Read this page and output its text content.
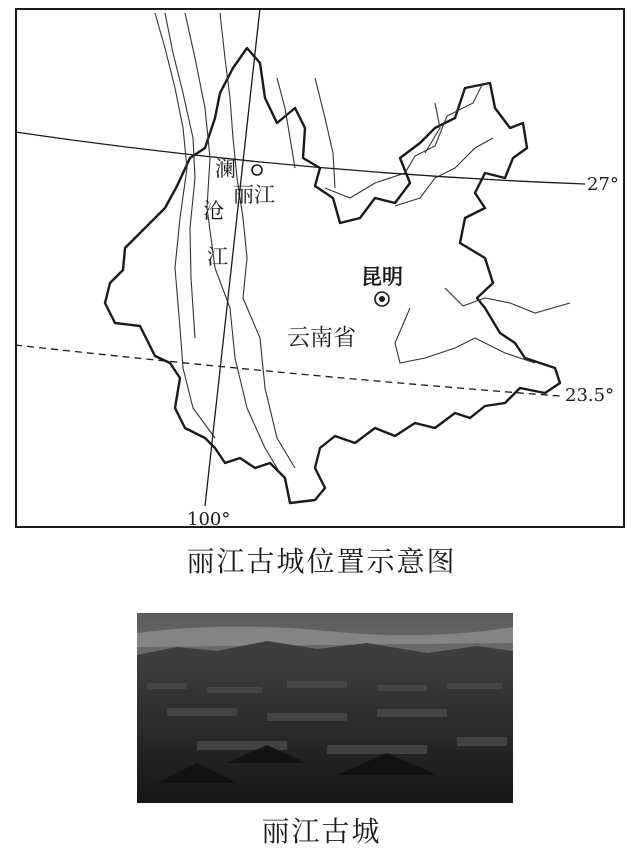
澜
沧
江
丽江
昆明
云南省
27°
23.5°
100°
丽江古城位置示意图
丽江古城
